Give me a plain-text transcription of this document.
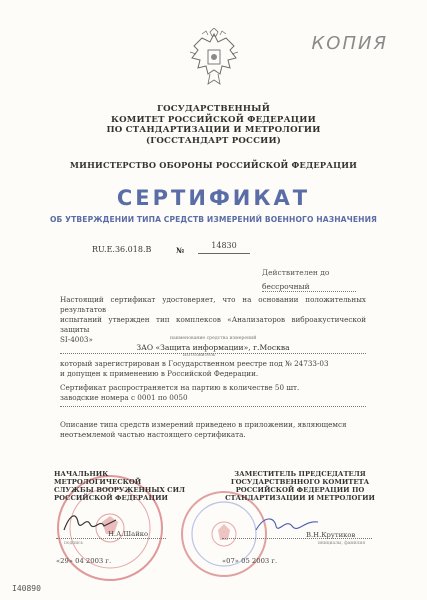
КОПИЯ
ГОСУДАРСТВЕННЫЙ
КОМИТЕТ РОССИЙСКОЙ ФЕДЕРАЦИИ
ПО СТАНДАРТИЗАЦИИ И МЕТРОЛОГИИ
(ГОССТАНДАРТ РОССИИ)
МИНИСТЕРСТВО ОБОРОНЫ РОССИЙСКОЙ ФЕДЕРАЦИИ
СЕРТИФИКАТ
ОБ УТВЕРЖДЕНИИ ТИПА СРЕДСТВ ИЗМЕРЕНИЙ ВОЕННОГО НАЗНАЧЕНИЯ
RU.E.36.018.B	№
14830
Действителен до
бессрочный
Настоящий сертификат удостоверяет, что на основании положительных результатов
испытаний утвержден тип комплексов «Анализаторов виброакустической защиты
SI-4003»	наименование средства измерений
ЗАО «Защита информации», г.Москва
изготовитель
который зарегистрирован в Государственном реестре под № 24733-03
и допущен к применению в Российской Федерации.
Сертификат распространяется на партию в количестве 50 шт.
заводские номера с 0001 по 0050
Описание типа средств измерений приведено в приложении, являющемся
неотъемлемой частью настоящего сертификата.
НАЧАЛЬНИК МЕТРОЛОГИЧЕСКОЙ
СЛУЖБЫ ВООРУЖЕННЫХ СИЛ
РОССИЙСКОЙ ФЕДЕРАЦИИ
ЗАМЕСТИТЕЛЬ ПРЕДСЕДАТЕЛЯ
ГОСУДАРСТВЕННОГО КОМИТЕТА
РОССИЙСКОЙ ФЕДЕРАЦИИ ПО
СТАНДАРТИЗАЦИИ И МЕТРОЛОГИИ
Н.А.Шайко
подпись
В.Н.Крутиков
инициалы, фамилия
«29» 04 2003 г.	«07» 05 2003 г.
I40890
